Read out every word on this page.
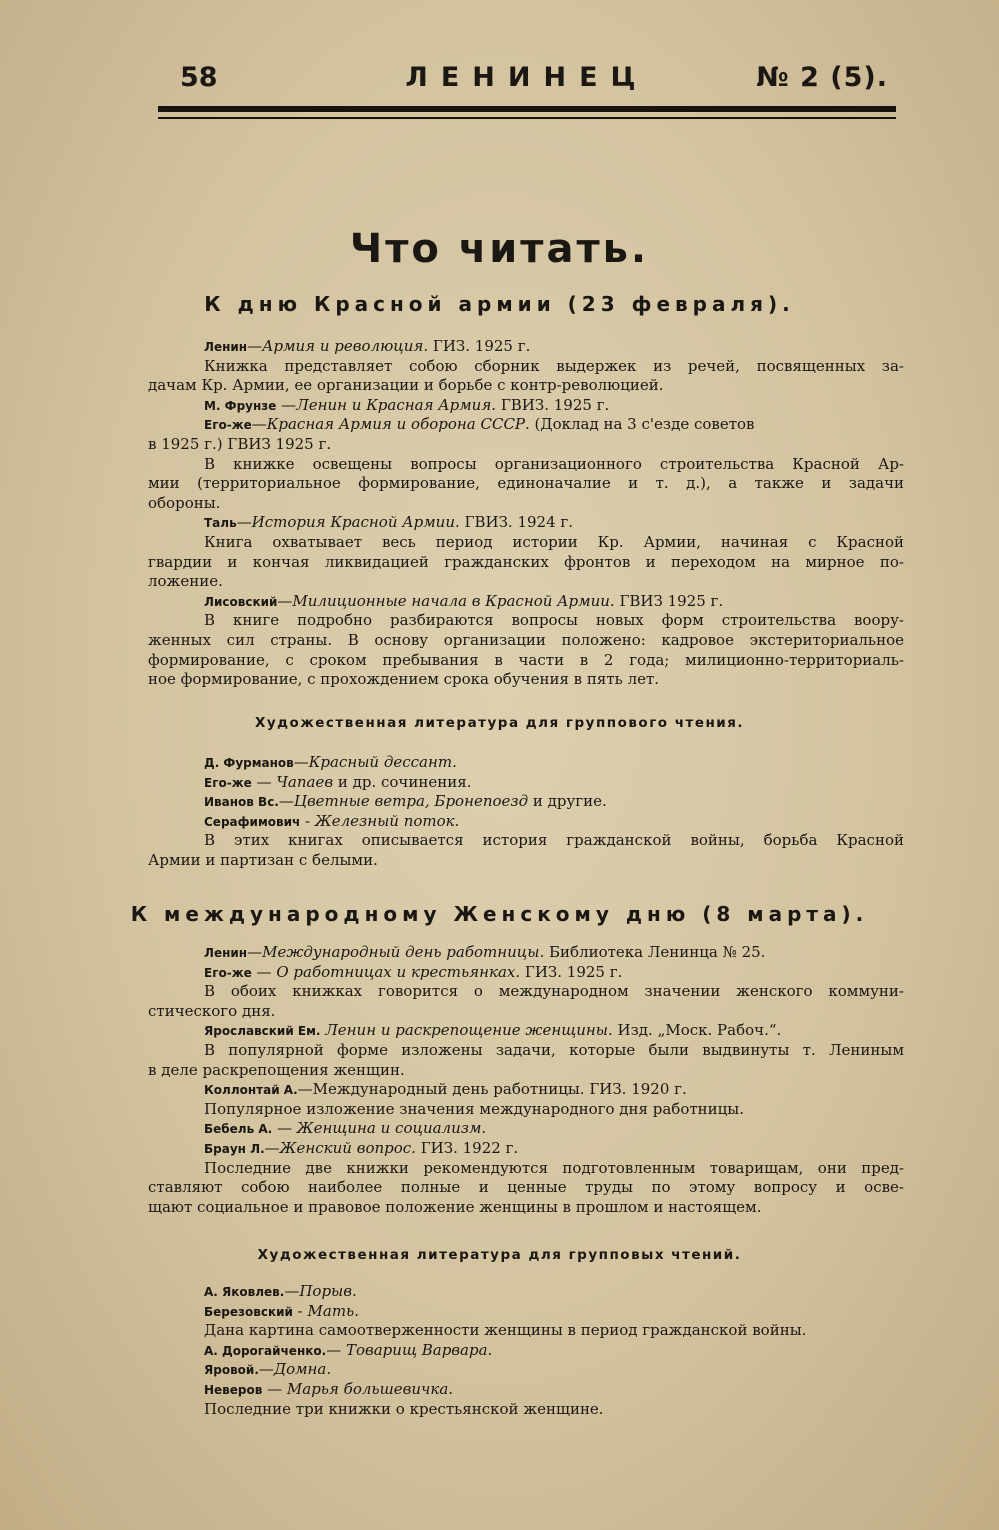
58	ЛЕНИНЕЦ	№ 2 (5).
Что читать.
К дню Красной армии (23 февраля).
Ленин—Армия и революция. ГИЗ. 1925 г.
Книжка представляет собою сборник выдержек из речей, посвященных за-
дачам Кр. Армии, ее организации и борьбе с контр-революцией.
М. Фрунзе —Ленин и Красная Армия. ГВИЗ. 1925 г.
Его-же—Красная Армия и оборона СССР. (Доклад на 3 с'езде советов
в 1925 г.) ГВИЗ 1925 г.
В книжке освещены вопросы организационного строительства Красной Ар-
мии (территориальное формирование, единоначалие и т. д.), а также и задачи
обороны.
Таль—История Красной Армии. ГВИЗ. 1924 г.
Книга охватывает весь период истории Кр. Армии, начиная с Красной
гвардии и кончая ликвидацией гражданских фронтов и переходом на мирное по-
ложение.
Лисовский—Милиционные начала в Красной Армии. ГВИЗ 1925 г.
В книге подробно разбираются вопросы новых форм строительства воору-
женных сил страны. В основу организации положено: кадровое экстериториальное
формирование, с сроком пребывания в части в 2 года; милиционно-территориаль-
ное формирование, с прохождением срока обучения в пять лет.
Художественная литература для группового чтения.
Д. Фурманов—Красный дессант.
Его-же — Чапаев и др. сочинения.
Иванов Вс.—Цветные ветра, Бронепоезд и другие.
Серафимович - Железный поток.
В этих книгах описывается история гражданской войны, борьба Красной
Армии и партизан с белыми.
К международному Женскому дню (8 марта).
Ленин—Международный день работницы. Библиотека Ленинца № 25.
Его-же — О работницах и крестьянках. ГИЗ. 1925 г.
В обоих книжках говорится о международном значении женского коммуни-
стического дня.
Ярославский Ем. Ленин и раскрепощение женщины. Изд. „Моск. Рабоч.“.
В популярной форме изложены задачи, которые были выдвинуты т. Лениным
в деле раскрепощения женщин.
Коллонтай А.—Международный день работницы. ГИЗ. 1920 г.
Популярное изложение значения международного дня работницы.
Бебель А. — Женщина и социализм.
Браун Л.—Женский вопрос. ГИЗ. 1922 г.
Последние две книжки рекомендуются подготовленным товарищам, они пред-
ставляют собою наиболее полные и ценные труды по этому вопросу и осве-
щают социальное и правовое положение женщины в прошлом и настоящем.
Художественная литература для групповых чтений.
А. Яковлев.—Порыв.
Березовский - Мать.
Дана картина самоотверженности женщины в период гражданской войны.
А. Дорогайченко.— Товарищ Варвара.
Яровой.—Домна.
Неверов — Марья большевичка.
Последние три книжки о крестьянской женщине.
